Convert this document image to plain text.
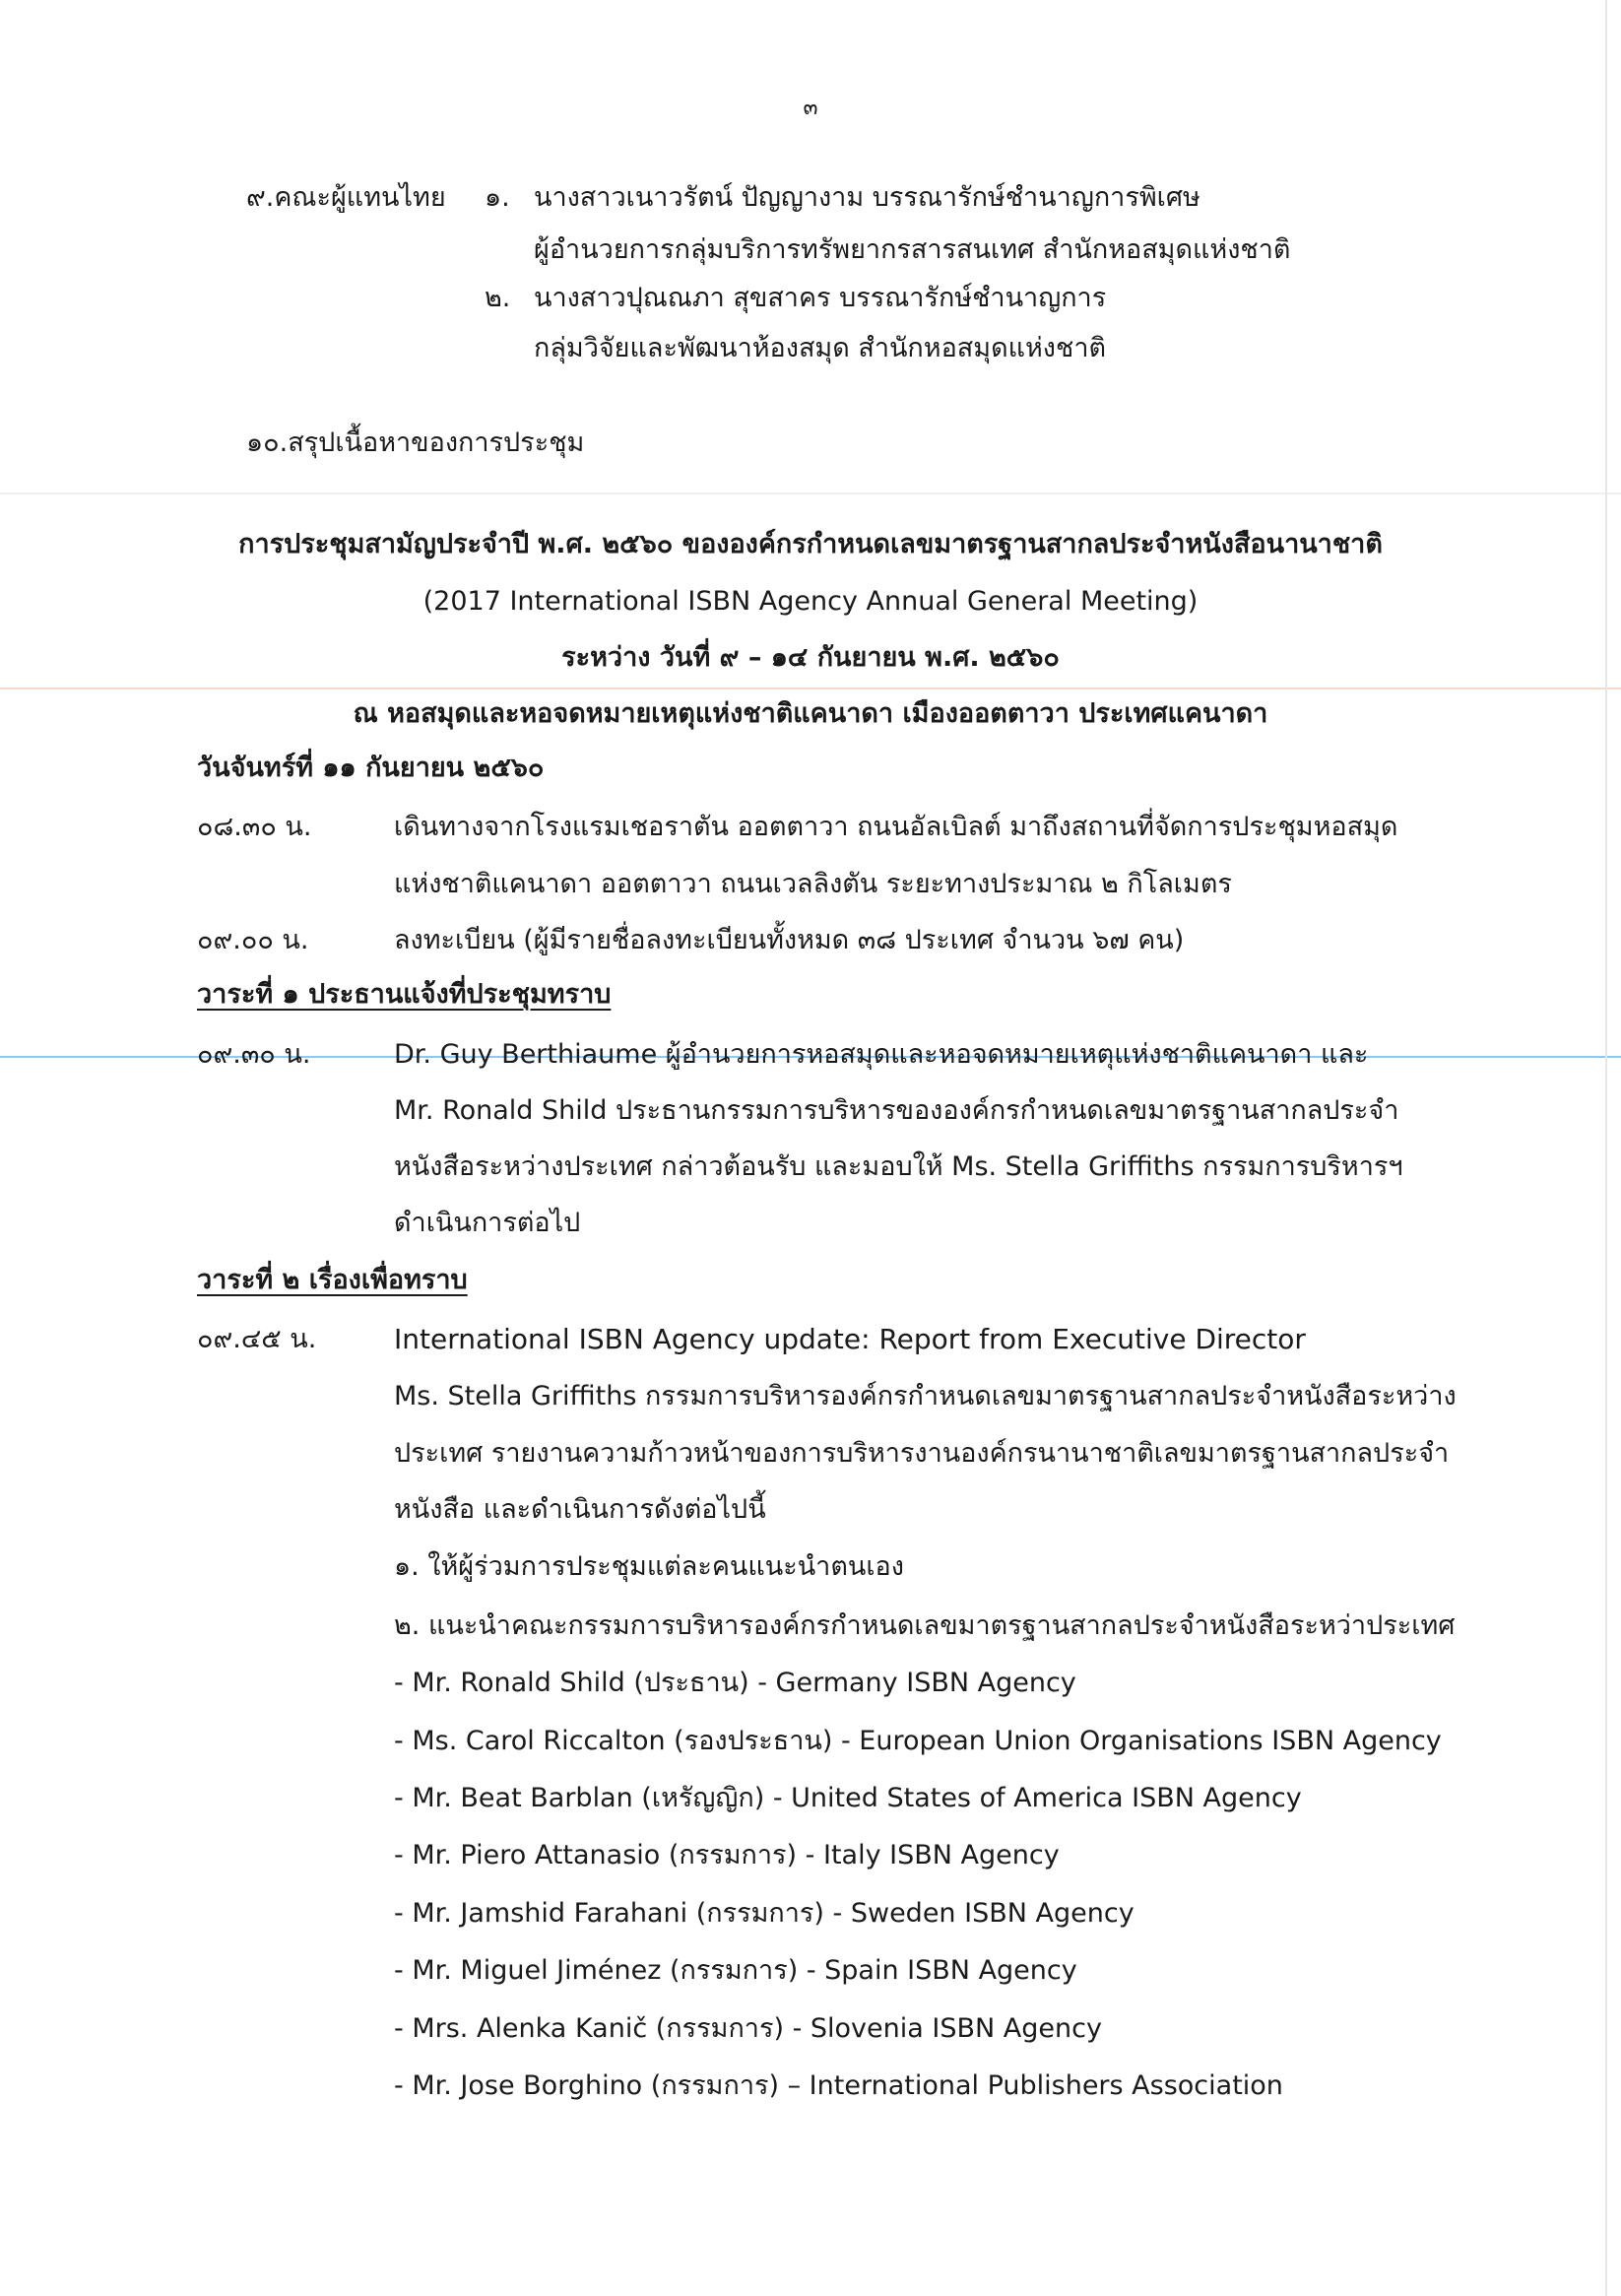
๓
๙.คณะผู้แทนไทย ๑. นางสาวเนาวรัตน์ ปัญญางาม บรรณารักษ์ชำนาญการพิเศษ
ผู้อำนวยการกลุ่มบริการทรัพยากรสารสนเทศ สำนักหอสมุดแห่งชาติ
๒. นางสาวปุณณภา สุขสาคร บรรณารักษ์ชำนาญการ
กลุ่มวิจัยและพัฒนาห้องสมุด สำนักหอสมุดแห่งชาติ
๑๐.สรุปเนื้อหาของการประชุม
การประชุมสามัญประจำปี พ.ศ. ๒๕๖๐ ขององค์กรกำหนดเลขมาตรฐานสากลประจำหนังสือนานาชาติ
(2017 International ISBN Agency Annual General Meeting)
ระหว่าง วันที่ ๙ – ๑๔ กันยายน พ.ศ. ๒๕๖๐
ณ หอสมุดและหอจดหมายเหตุแห่งชาติแคนาดา เมืองออตตาวา ประเทศแคนาดา
วันจันทร์ที่ ๑๑ กันยายน ๒๕๖๐
๐๘.๓๐ น.	เดินทางจากโรงแรมเชอราตัน ออตตาวา ถนนอัลเบิลต์ มาถึงสถานที่จัดการประชุมหอสมุด
แห่งชาติแคนาดา ออตตาวา ถนนเวลลิงตัน ระยะทางประมาณ ๒ กิโลเมตร
๐๙.๐๐ น.	ลงทะเบียน (ผู้มีรายชื่อลงทะเบียนทั้งหมด ๓๘ ประเทศ จำนวน ๖๗ คน)
วาระที่ ๑ ประธานแจ้งที่ประชุมทราบ
๐๙.๓๐ น.	Dr. Guy Berthiaume ผู้อำนวยการหอสมุดและหอจดหมายเหตุแห่งชาติแคนาดา และ
Mr. Ronald Shild ประธานกรรมการบริหารขององค์กรกำหนดเลขมาตรฐานสากลประจำ
หนังสือระหว่างประเทศ กล่าวต้อนรับ และมอบให้ Ms. Stella Griffiths กรรมการบริหารฯ
ดำเนินการต่อไป
วาระที่ ๒ เรื่องเพื่อทราบ
๐๙.๔๕ น.	International ISBN Agency update: Report from Executive Director
Ms. Stella Griffiths กรรมการบริหารองค์กรกำหนดเลขมาตรฐานสากลประจำหนังสือระหว่าง
ประเทศ รายงานความก้าวหน้าของการบริหารงานองค์กรนานาชาติเลขมาตรฐานสากลประจำ
หนังสือ และดำเนินการดังต่อไปนี้
๑. ให้ผู้ร่วมการประชุมแต่ละคนแนะนำตนเอง
๒. แนะนำคณะกรรมการบริหารองค์กรกำหนดเลขมาตรฐานสากลประจำหนังสือระหว่าประเทศ
- Mr. Ronald Shild (ประธาน) - Germany ISBN Agency
- Ms. Carol Riccalton (รองประธาน) - European Union Organisations ISBN Agency
- Mr. Beat Barblan (เหรัญญิก) - United States of America ISBN Agency
- Mr. Piero Attanasio (กรรมการ) - Italy ISBN Agency
- Mr. Jamshid Farahani (กรรมการ) - Sweden ISBN Agency
- Mr. Miguel Jiménez (กรรมการ) - Spain ISBN Agency
- Mrs. Alenka Kanič (กรรมการ) - Slovenia ISBN Agency
- Mr. Jose Borghino (กรรมการ) – International Publishers Association
